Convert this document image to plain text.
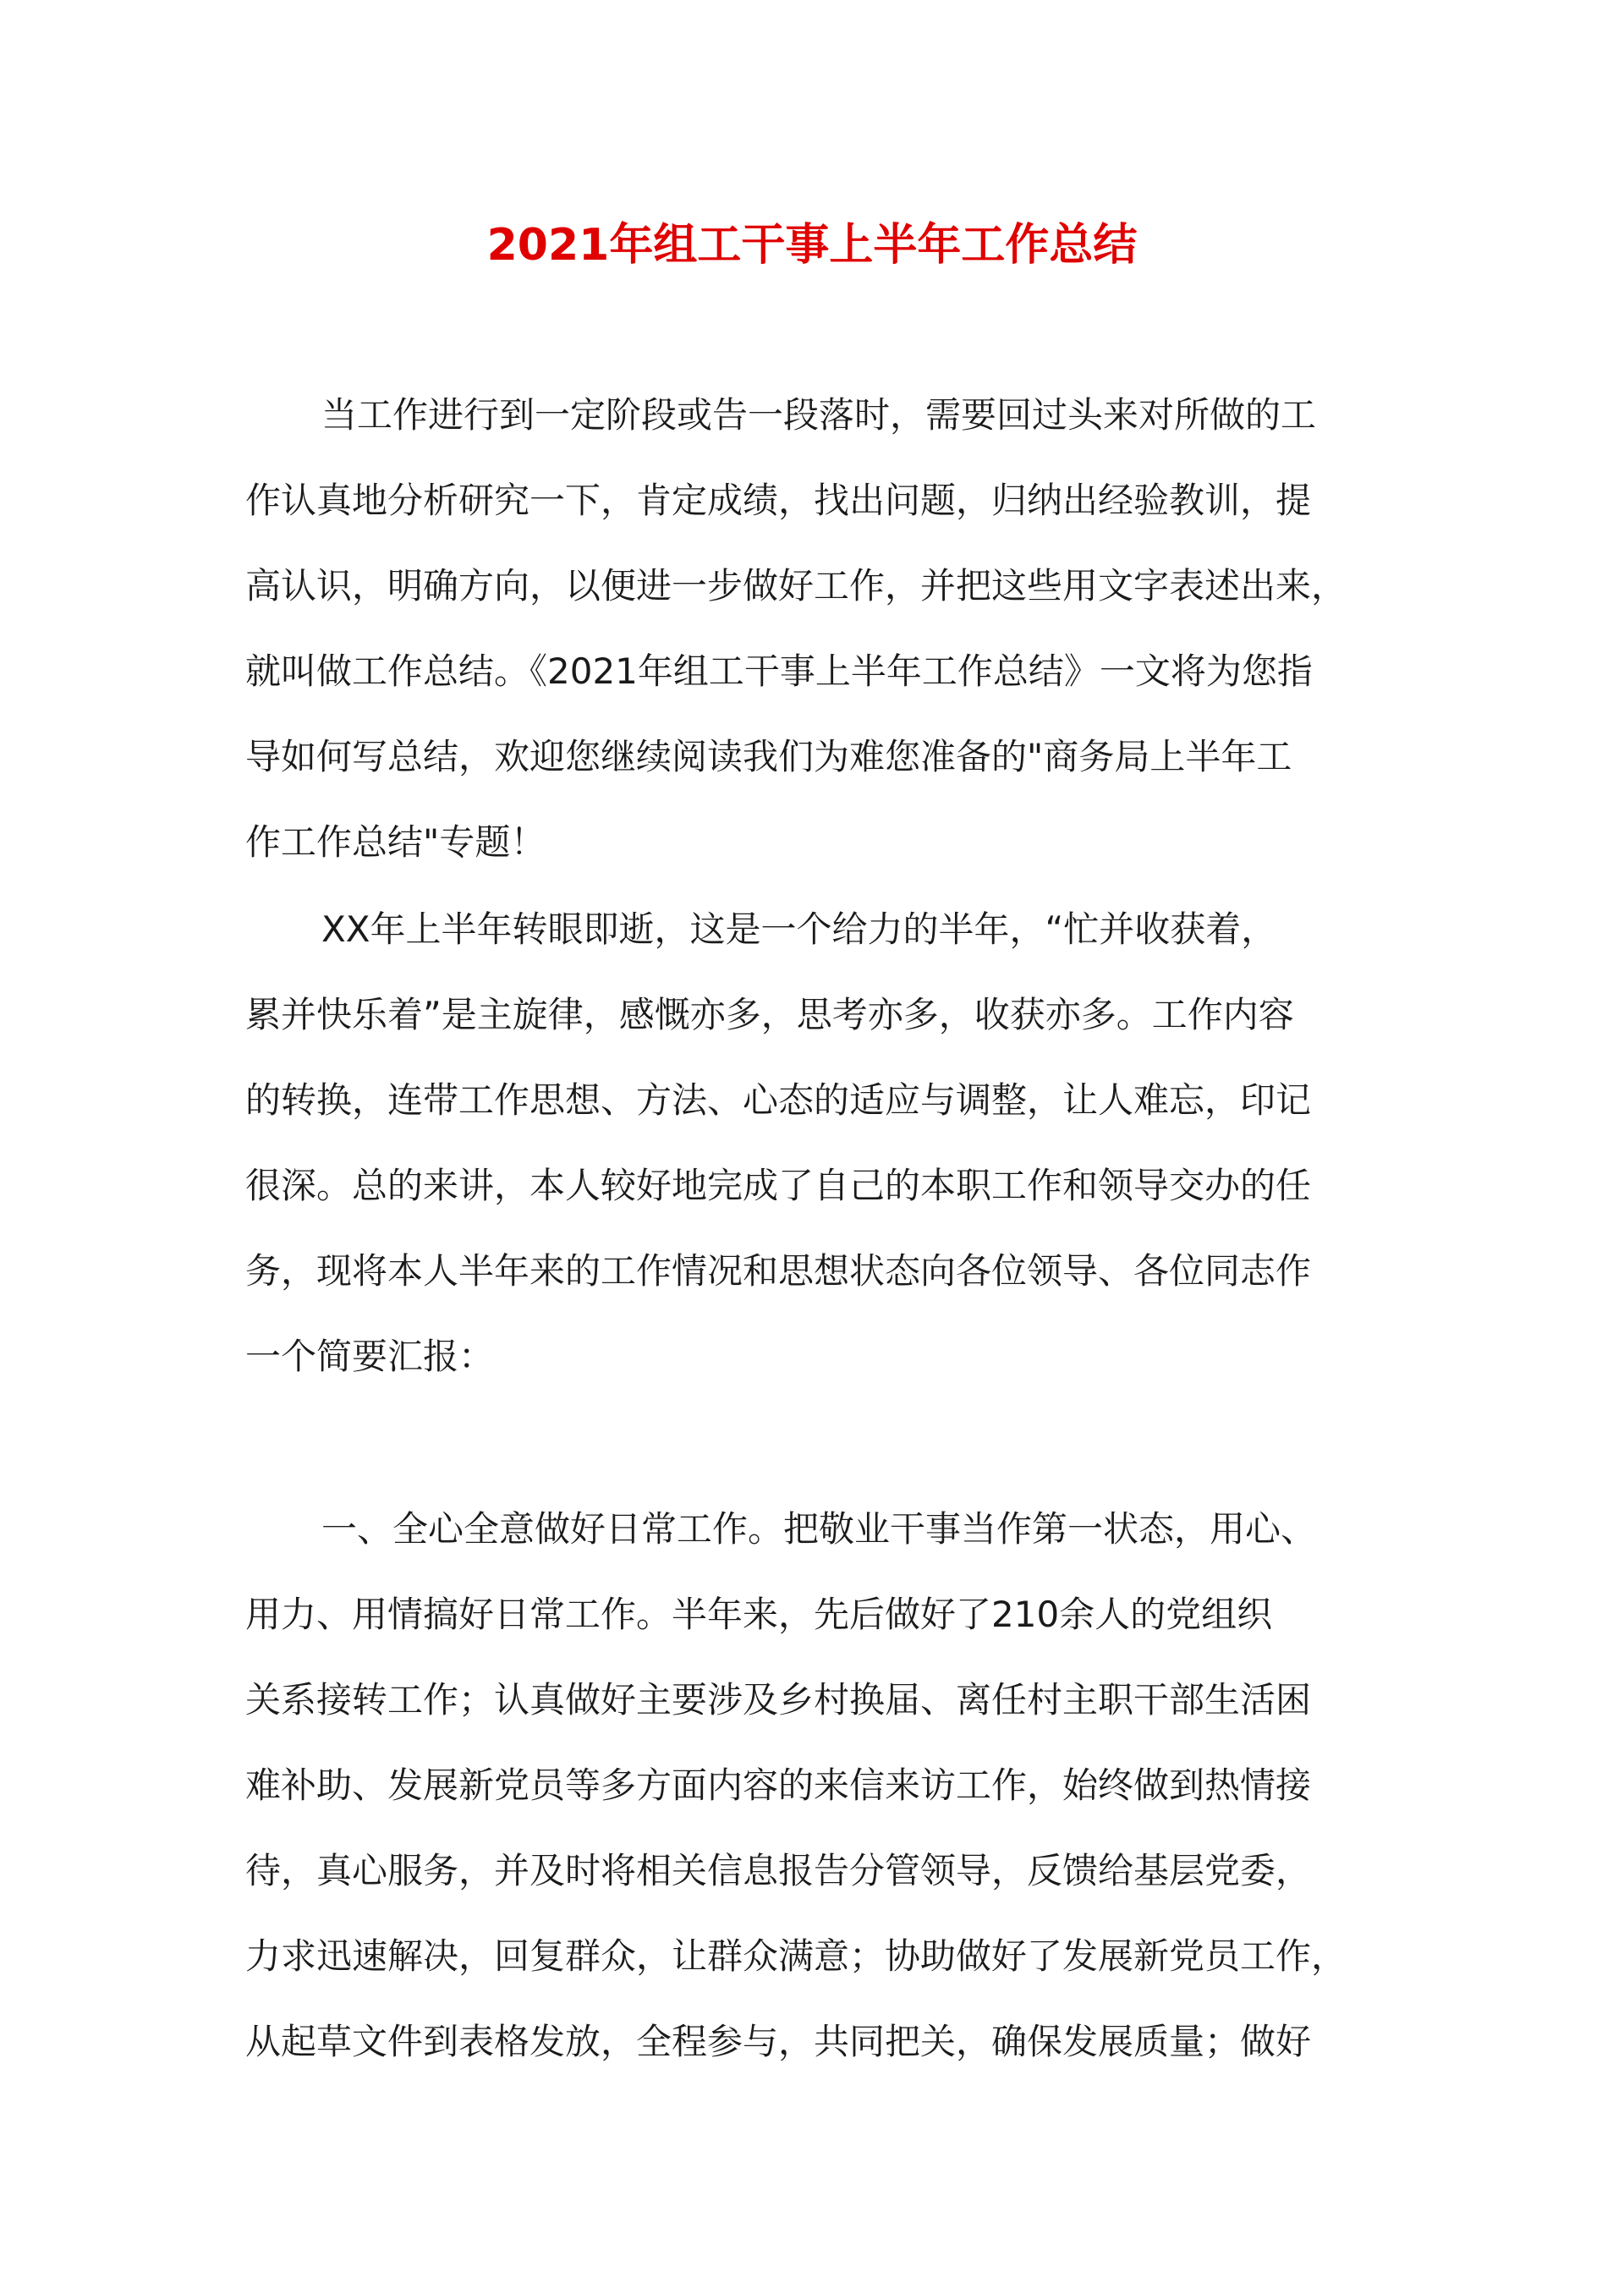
2021年组工干事上半年工作总结
当工作进行到一定阶段或告一段落时，需要回过头来对所做的工
作认真地分析研究一下，肯定成绩，找出问题，归纳出经验教训，提
高认识，明确方向，以便进一步做好工作，并把这些用文字表述出来，
就叫做工作总结。《2021年组工干事上半年工作总结》一文将为您指
导如何写总结，欢迎您继续阅读我们为难您准备的"商务局上半年工
作工作总结"专题！
XX年上半年转眼即逝，这是一个给力的半年，“忙并收获着，
累并快乐着”是主旋律，感慨亦多，思考亦多，收获亦多。工作内容
的转换，连带工作思想、方法、心态的适应与调整，让人难忘，印记
很深。总的来讲，本人较好地完成了自己的本职工作和领导交办的任
务，现将本人半年来的工作情况和思想状态向各位领导、各位同志作
一个简要汇报：
一、全心全意做好日常工作。把敬业干事当作第一状态，用心、
用力、用情搞好日常工作。半年来，先后做好了210余人的党组织
关系接转工作；认真做好主要涉及乡村换届、离任村主职干部生活困
难补助、发展新党员等多方面内容的来信来访工作，始终做到热情接
待，真心服务，并及时将相关信息报告分管领导，反馈给基层党委，
力求迅速解决，回复群众，让群众满意；协助做好了发展新党员工作，
从起草文件到表格发放，全程参与，共同把关，确保发展质量；做好
